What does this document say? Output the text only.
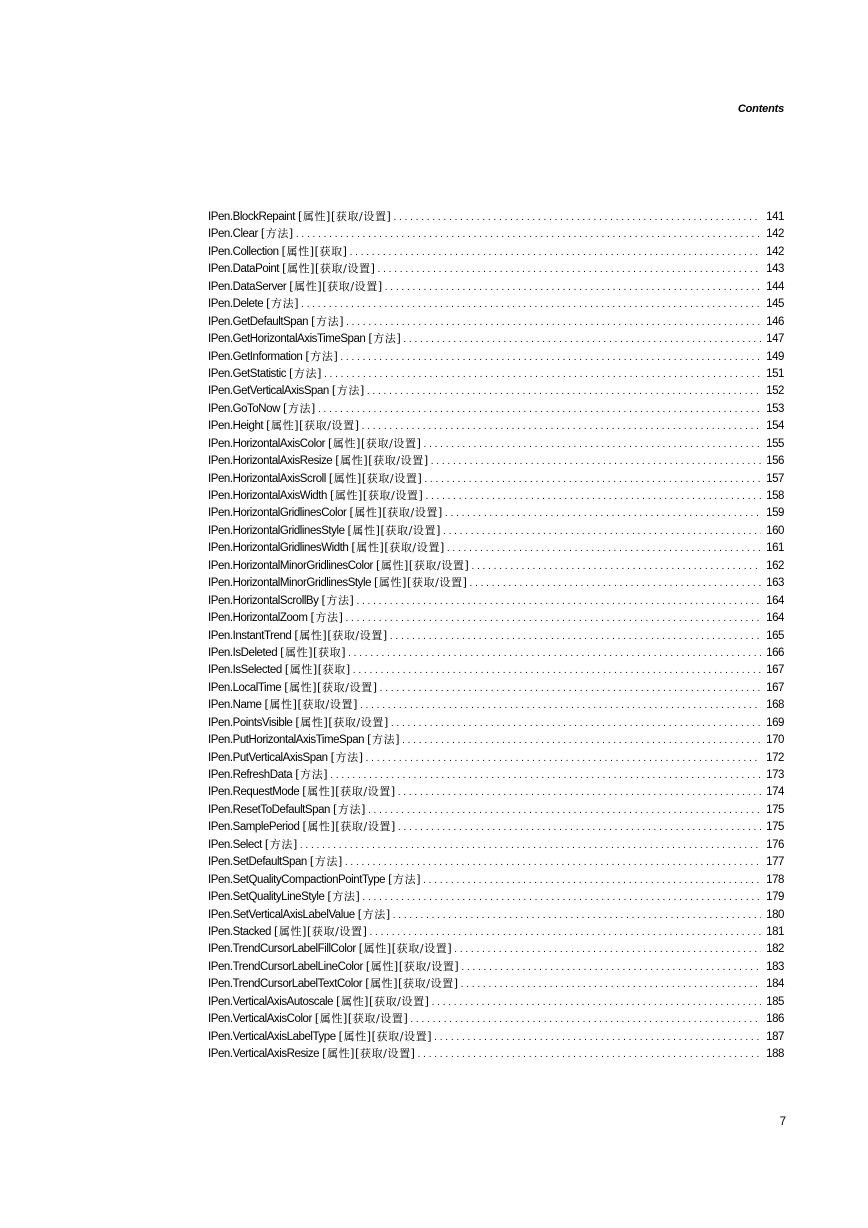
Contents
IPen.BlockRepaint [属性][获取/设置] . . .	141
IPen.Clear [方法] . . .	142
IPen.Collection [属性][获取] . . .	142
IPen.DataPoint [属性][获取/设置] . . .	143
IPen.DataServer [属性][获取/设置] . . .	144
IPen.Delete [方法] . . .	145
IPen.GetDefaultSpan [方法] . . .	146
IPen.GetHorizontalAxisTimeSpan [方法] . . .	147
IPen.GetInformation [方法] . . .	149
IPen.GetStatistic [方法] . . .	151
IPen.GetVerticalAxisSpan [方法] . . .	152
IPen.GoToNow [方法] . . .	153
IPen.Height [属性][获取/设置] . . .	154
IPen.HorizontalAxisColor [属性][获取/设置] . . .	155
IPen.HorizontalAxisResize [属性][获取/设置] . . .	156
IPen.HorizontalAxisScroll [属性][获取/设置] . . .	157
IPen.HorizontalAxisWidth [属性][获取/设置] . . .	158
IPen.HorizontalGridlinesColor [属性][获取/设置] . . .	159
IPen.HorizontalGridlinesStyle [属性][获取/设置] . . .	160
IPen.HorizontalGridlinesWidth [属性][获取/设置] . . .	161
IPen.HorizontalMinorGridlinesColor [属性][获取/设置] . . .	162
IPen.HorizontalMinorGridlinesStyle [属性][获取/设置] . . .	163
IPen.HorizontalScrollBy [方法] . . .	164
IPen.HorizontalZoom [方法] . . .	164
IPen.InstantTrend [属性][获取/设置] . . .	165
IPen.IsDeleted [属性][获取] . . .	166
IPen.IsSelected [属性][获取] . . .	167
IPen.LocalTime [属性][获取/设置] . . .	167
IPen.Name [属性][获取/设置] . . .	168
IPen.PointsVisible [属性][获取/设置] . . .	169
IPen.PutHorizontalAxisTimeSpan [方法] . . .	170
IPen.PutVerticalAxisSpan [方法] . . .	172
IPen.RefreshData [方法] . . .	173
IPen.RequestMode [属性][获取/设置] . . .	174
IPen.ResetToDefaultSpan [方法] . . .	175
IPen.SamplePeriod [属性][获取/设置] . . .	175
IPen.Select [方法] . . .	176
IPen.SetDefaultSpan [方法] . . .	177
IPen.SetQualityCompactionPointType [方法] . . .	178
IPen.SetQualityLineStyle [方法] . . .	179
IPen.SetVerticalAxisLabelValue [方法] . . .	180
IPen.Stacked [属性][获取/设置] . . .	181
IPen.TrendCursorLabelFillColor [属性][获取/设置] . . .	182
IPen.TrendCursorLabelLineColor [属性][获取/设置] . . .	183
IPen.TrendCursorLabelTextColor [属性][获取/设置] . . .	184
IPen.VerticalAxisAutoscale [属性][获取/设置] . . .	185
IPen.VerticalAxisColor [属性][获取/设置] . . .	186
IPen.VerticalAxisLabelType [属性][获取/设置] . . .	187
IPen.VerticalAxisResize [属性][获取/设置] . . .	188
7
